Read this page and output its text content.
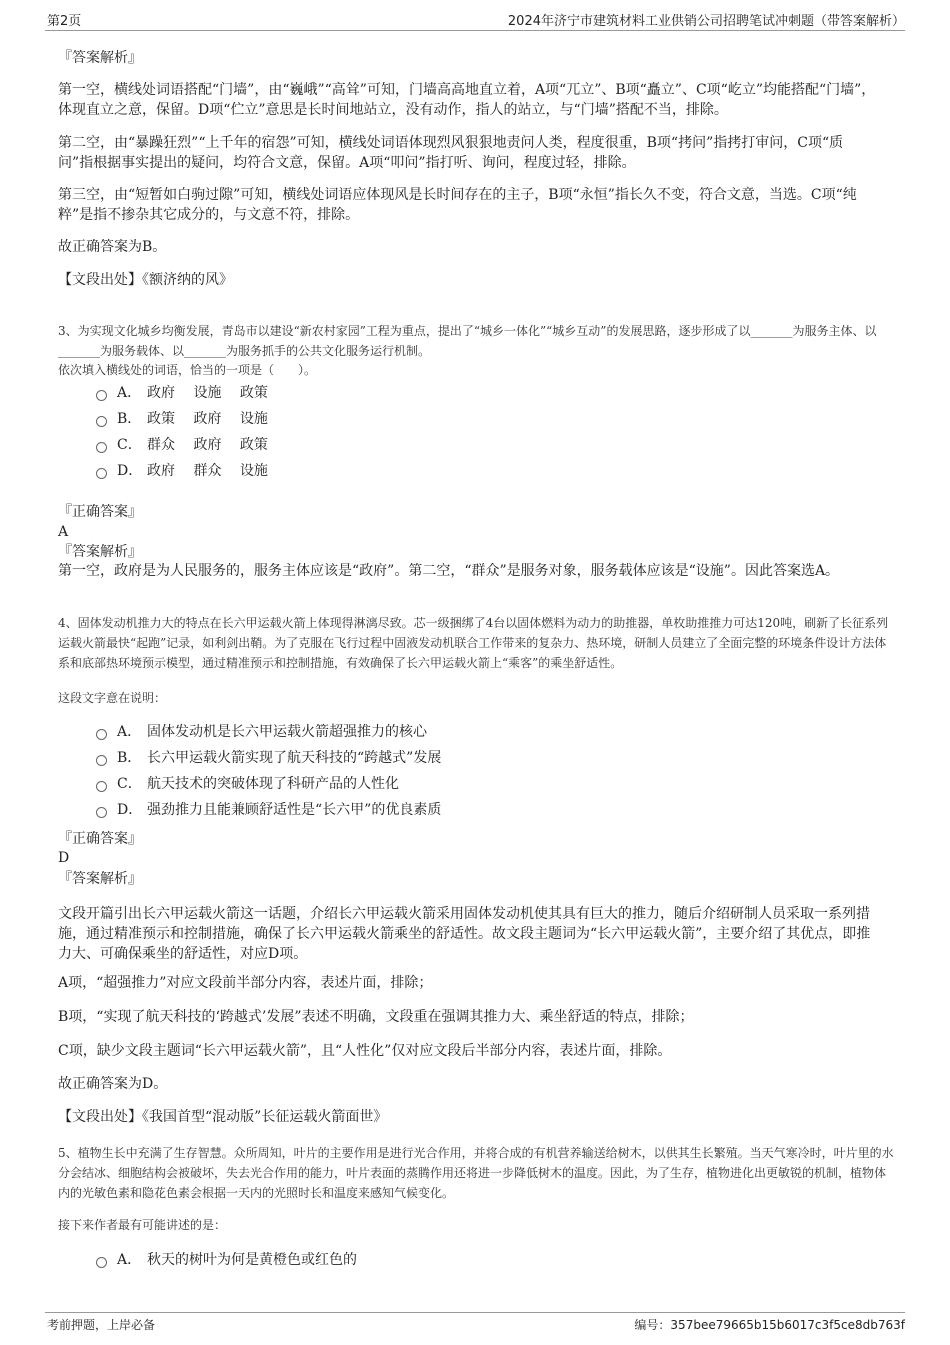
第2页	2024年济宁市建筑材料工业供销公司招聘笔试冲刺题（带答案解析）

『答案解析』

第一空，横线处词语搭配“门墙”，由“巍峨”“高耸”可知，门墙高高地直立着，A项“兀立”、B项“矗立”、C项“屹立”均能搭配“门墙”，体现直立之意，保留。D项“伫立”意思是长时间地站立，没有动作，指人的站立，与“门墙”搭配不当，排除。

第二空，由“暴躁狂烈”“上千年的宿怨”可知，横线处词语体现烈风狠狠地责问人类，程度很重，B项“拷问”指拷打审问，C项“质问”指根据事实提出的疑问，均符合文意，保留。A项“叩问”指打听、询问，程度过轻，排除。

第三空，由“短暂如白驹过隙”可知，横线处词语应体现风是长时间存在的主子，B项“永恒”指长久不变，符合文意，当选。C项“纯粹”是指不掺杂其它成分的，与文意不符，排除。

故正确答案为B。

【文段出处】《额济纳的风》

3、为实现文化城乡均衡发展，青岛市以建设“新农村家园”工程为重点，提出了“城乡一体化”“城乡互动”的发展思路，逐步形成了以_______为服务主体、以_______为服务载体、以_______为服务抓手的公共文化服务运行机制。

依次填入横线处的词语，恰当的一项是（　　）。

A． 政府　 设施　 政策
B． 政策　 政府　 设施
C． 群众　 政府　 政策
D． 政府　 群众　 设施

『正确答案』

A

『答案解析』

第一空，政府是为人民服务的，服务主体应该是“政府”。第二空，“群众”是服务对象，服务载体应该是“设施”。因此答案选A。

4、固体发动机推力大的特点在长六甲运载火箭上体现得淋漓尽致。芯一级捆绑了4台以固体燃料为动力的助推器，单枚助推推力可达120吨，刷新了长征系列运载火箭最快“起跑”记录，如利剑出鞘。为了克服在飞行过程中固液发动机联合工作带来的复杂力、热环境，研制人员建立了全面完整的环境条件设计方法体系和底部热环境预示模型，通过精准预示和控制措施，有效确保了长六甲运载火箭上“乘客”的乘坐舒适性。

这段文字意在说明：

A． 固体发动机是长六甲运载火箭超强推力的核心
B． 长六甲运载火箭实现了航天科技的“跨越式”发展
C． 航天技术的突破体现了科研产品的人性化
D． 强劲推力且能兼顾舒适性是“长六甲”的优良素质

『正确答案』

D

『答案解析』

文段开篇引出长六甲运载火箭这一话题，介绍长六甲运载火箭采用固体发动机使其具有巨大的推力，随后介绍研制人员采取一系列措施，通过精准预示和控制措施，确保了长六甲运载火箭乘坐的舒适性。故文段主题词为“长六甲运载火箭”，主要介绍了其优点，即推力大、可确保乘坐的舒适性，对应D项。

A项，“超强推力”对应文段前半部分内容，表述片面，排除；

B项，“实现了航天科技的‘跨越式’发展”表述不明确，文段重在强调其推力大、乘坐舒适的特点，排除；

C项，缺少文段主题词“长六甲运载火箭”，且“人性化”仅对应文段后半部分内容，表述片面，排除。

故正确答案为D。

【文段出处】《我国首型“混动版”长征运载火箭面世》

5、植物生长中充满了生存智慧。众所周知，叶片的主要作用是进行光合作用，并将合成的有机营养输送给树木，以供其生长繁殖。当天气寒冷时，叶片里的水分会结冰、细胞结构会被破坏，失去光合作用的能力，叶片表面的蒸腾作用还将进一步降低树木的温度。因此，为了生存，植物进化出更敏锐的机制，植物体内的光敏色素和隐花色素会根据一天内的光照时长和温度来感知气候变化。

接下来作者最有可能讲述的是：

A． 秋天的树叶为何是黄橙色或红色的
考前押题，上岸必备	编号：357bee79665b15b6017c3f5ce8db763f
